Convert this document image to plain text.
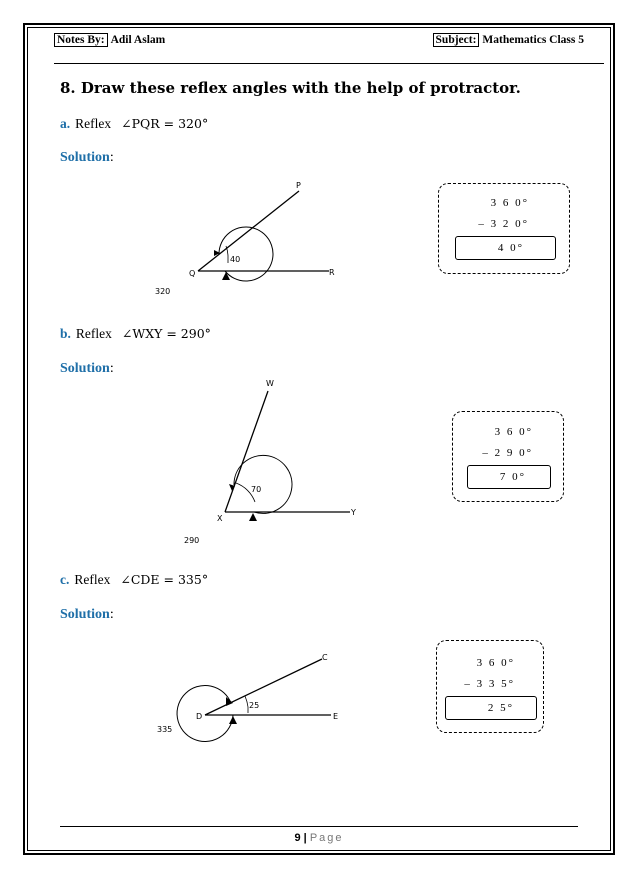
Notes By: Adil Aslam	Subject: Mathematics Class 5
8. Draw these reflex angles with the help of protractor.
a. Reflex ∠PQR = 320°
Solution:
P
Q	R
40
320
3 6 0°
– 3 2 0°
4 0°
b. Reflex ∠WXY = 290°
Solution:
W
X
Y
70
290
3 6 0°
– 2 9 0°
7 0°
c. Reflex ∠CDE = 335°
Solution:
C
D	E
25
335
3 6 0°
– 3 3 5°
2 5°
9 | Page
